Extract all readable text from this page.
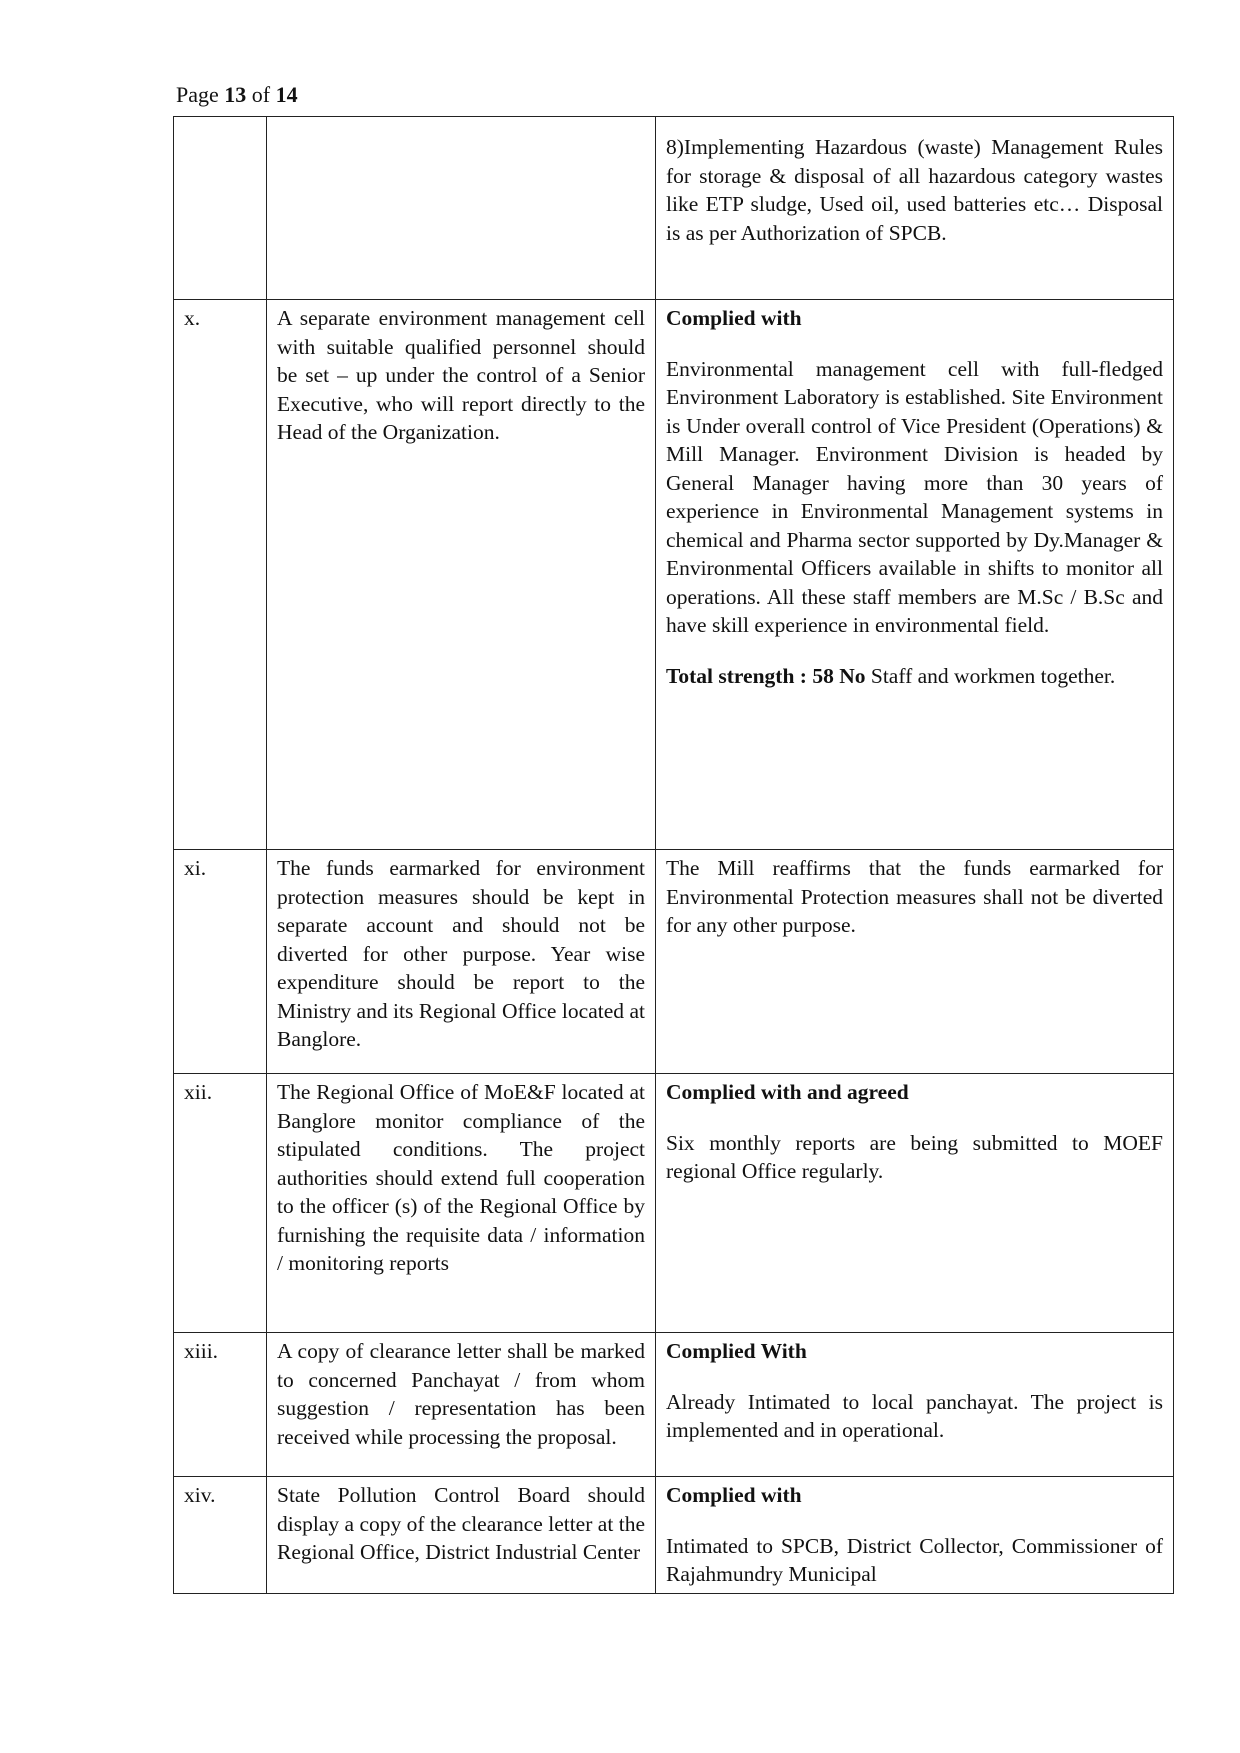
Page 13 of 14

		8)Implementing Hazardous (waste) Management Rules for storage & disposal of all hazardous category wastes like ETP sludge, Used oil, used batteries etc… Disposal is as per Authorization of SPCB.

x.	A separate environment management cell with suitable qualified personnel should be set – up under the control of a Senior Executive, who will report directly to the Head of the Organization.	Complied with
Environmental management cell with full-fledged Environment Laboratory is established. Site Environment is Under overall control of Vice President (Operations) & Mill Manager. Environment Division is headed by General Manager having more than 30 years of experience in Environmental Management systems in chemical and Pharma sector supported by Dy.Manager & Environmental Officers available in shifts to monitor all operations. All these staff members are M.Sc / B.Sc and have skill experience in environmental field.
Total strength : 58 No Staff and workmen together.

xi.	The funds earmarked for environment protection measures should be kept in separate account and should not be diverted for other purpose. Year wise expenditure should be report to the Ministry and its Regional Office located at Banglore.	The Mill reaffirms that the funds earmarked for Environmental Protection measures shall not be diverted for any other purpose.

xii.	The Regional Office of MoE&F located at Banglore monitor compliance of the stipulated conditions. The project authorities should extend full cooperation to the officer (s) of the Regional Office by furnishing the requisite data / information / monitoring reports	Complied with and agreed
Six monthly reports are being submitted to MOEF regional Office regularly.

xiii.	A copy of clearance letter shall be marked to concerned Panchayat / from whom suggestion / representation has been received while processing the proposal.	Complied With
Already Intimated to local panchayat. The project is implemented and in operational.

xiv.	State Pollution Control Board should display a copy of the clearance letter at the Regional Office, District Industrial Center	Complied with
Intimated to SPCB, District Collector, Commissioner of Rajahmundry Municipal
